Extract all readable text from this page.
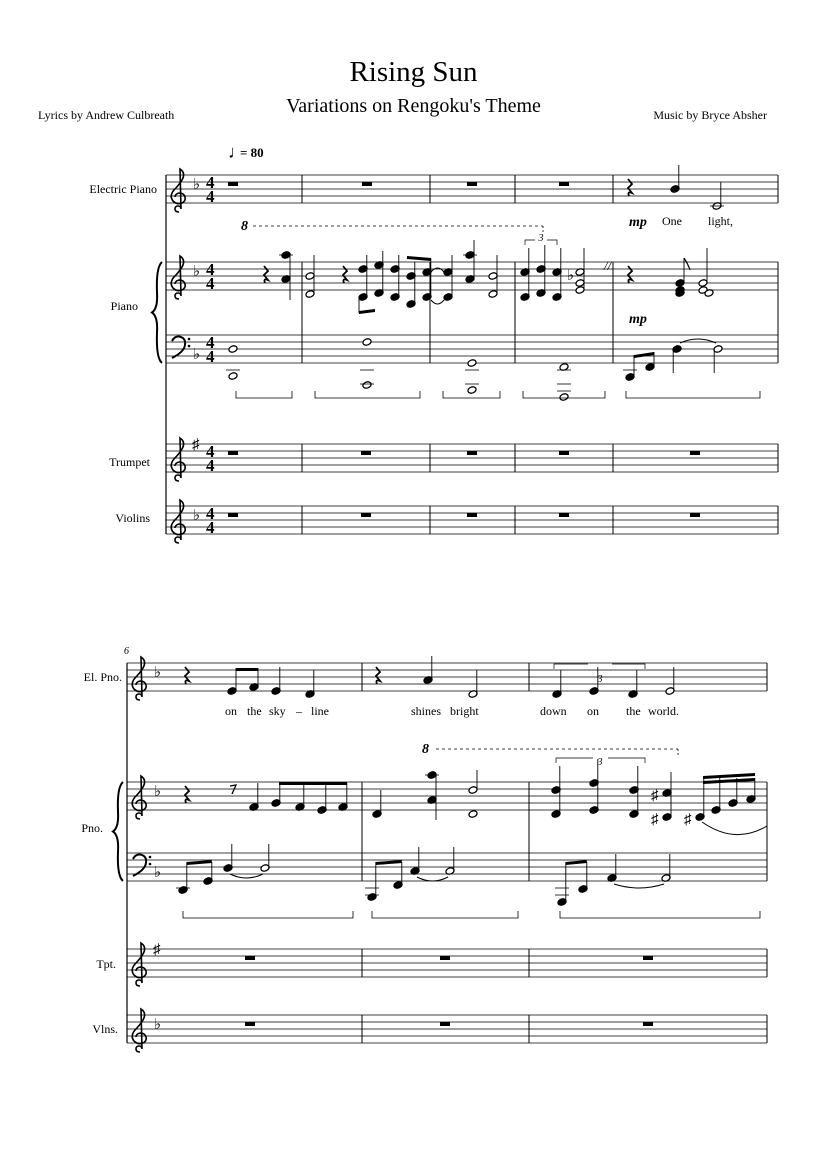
Rising Sun
Variations on Rengoku's Theme
Lyrics by Andrew Culbreath	Music by Bryce Absher
♭ 4
4
♭ 4
4
♭
4
4
♯ 4
4
♭ 4
4
♭
♭
♭
♭
♯
♭
♯
♯ ♯
♩
= 80
Electric Piano
Piano
Trumpet
Violins
mp
mp
One light,
8
3
//
6
El. Pno.
Pno.
Tpt.
Vlns.
on the sky – line	shines bright	down on the world.
8
3
3
